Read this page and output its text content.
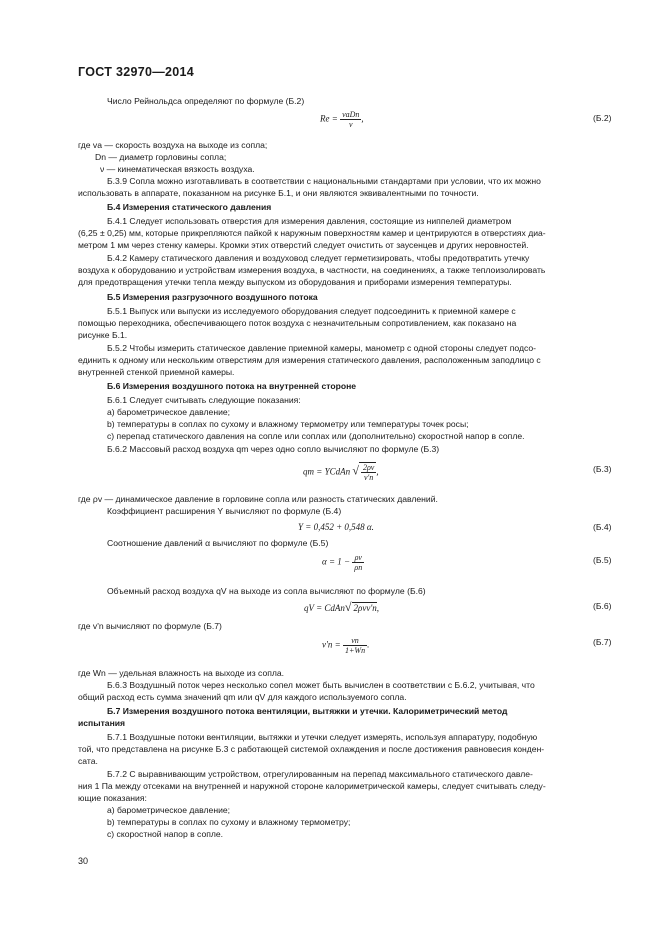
ГОСТ 32970—2014
Число Рейнольдса определяют по формуле (Б.2)
$Re = \frac{\text{vаDn}}{\nu}$ ,	(Б.2)
где vа — скорость воздуха на выходе из сопла;
Dn — диаметр горловины сопла;
ν — кинематическая вязкость воздуха.
Б.3.9 Сопла можно изготавливать в соответствии с национальными стандартами при условии, что их можно
использовать в аппарате, показанном на рисунке Б.1, и они являются эквивалентными по точности.
Б.4 Измерения статического давления
Б.4.1 Следует использовать отверстия для измерения давления, состоящие из ниппелей диаметром
(6,25 ± 0,25) мм, которые прикрепляются пайкой к наружным поверхностям камер и центрируются в отверстиях диа-
метром 1 мм через стенку камеры. Кромки этих отверстий следует очистить от заусенцев и других неровностей.
Б.4.2 Камеру статического давления и воздуховод следует герметизировать, чтобы предотвратить утечку
воздуха к оборудованию и устройствам измерения воздуха, в частности, на соединениях, а также теплоизолировать
для предотвращения утечки тепла между выпуском из оборудования и приборами измерения температуры.
Б.5 Измерения разгрузочного воздушного потока
Б.5.1 Выпуск или выпуски из исследуемого оборудования следует подсоединить к приемной камере с
помощью переходника, обеспечивающего поток воздуха с незначительным сопротивлением, как показано на
рисунке Б.1.
Б.5.2 Чтобы измерить статическое давление приемной камеры, манометр с одной стороны следует подсо-
единить к одному или нескольким отверстиям для измерения статического давления, расположенным заподлицо с
внутренней стенкой приемной камеры.
Б.6 Измерения воздушного потока на внутренней стороне
Б.6.1 Следует считывать следующие показания:
a) барометрическое давление;
b) температуры в соплах по сухому и влажному термометру или температуры точек росы;
c) перепад статического давления на сопле или соплах или (дополнительно) скоростной напор в сопле.
Б.6.2 Массовый расход воздуха qm через одно сопло вычисляют по формуле (Б.3)
qm = YCdAn √ $\frac{2\rho v}{v'n}$ ,	(Б.3)
где ρv — динамическое давление в горловине сопла или разность статических давлений.
Коэффициент расширения Y вычисляют по формуле (Б.4)
Y = 0,452 + 0,548 α.	(Б.4)
Соотношение давлений α вычисляют по формуле (Б.5)
$\alpha = 1 - \frac{\rho v}{\rho n}$	(Б.5)
Объемный расход воздуха qV на выходе из сопла вычисляют по формуле (Б.6)
qV = CdAn√ 2ρvv'n,	(Б.6)
где v'n вычисляют по формуле (Б.7)
$v'n = \frac{vn}{1+Wn}$ .	(Б.7)
где Wn — удельная влажность на выходе из сопла.
Б.6.3 Воздушный поток через несколько сопел может быть вычислен в соответствии с Б.6.2, учитывая, что
общий расход есть сумма значений qm или qV для каждого используемого сопла.
Б.7 Измерения воздушного потока вентиляции, вытяжки и утечки. Калориметрический метод
испытания
Б.7.1 Воздушные потоки вентиляции, вытяжки и утечки следует измерять, используя аппаратуру, подобную
той, что представлена на рисунке Б.3 с работающей системой охлаждения и после достижения равновесия конден-
сата.
Б.7.2 С выравнивающим устройством, отрегулированным на перепад максимального статического давле-
ния 1 Па между отсеками на внутренней и наружной стороне калориметрической камеры, следует считывать следу-
ющие показания:
a) барометрическое давление;
b) температуры в соплах по сухому и влажному термометру;
c) скоростной напор в сопле.
30
